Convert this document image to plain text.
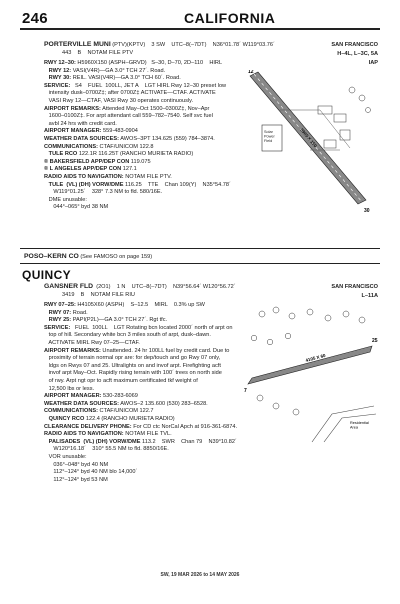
246	CALIFORNIA
PORTERVILLE MUNI (PTV)(KPTV)    3 SW    UTC–8(–7DT)    N36°01.78´ W119°03.76´
443    B    NOTAM FILE PTV
SAN FRANCISCO
H–4L, L–3C, 5A
IAP
RWY 12–30: H5960X150 (ASPH–GRVD)   S–30, D–70, 2D–110    HIRL
RWY 12: VASI(V4R)—GA 3.0° TCH 27´. Road.
RWY 30: REIL. VASI(V4R)—GA 3.0° TCH 60´. Road.
SERVICE:   S4    FUEL  100LL, JET A    LGT HIRL Rwy 12–30 preset low
intensity dusk–0700Z‡; after 0700Z‡ ACTIVATE—CTAF. ACTIVATE
VASI Rwy 12—CTAF, VASI Rwy 30 operates continuously.
AIRPORT REMARKS: Attended May–Oct 1500–0300Z‡, Nov–Apr
1600–0100Z‡. For arpt attendant call 559–782–7540. Self svc fuel
avbl 24 hrs with credit card.
AIRPORT MANAGER: 559-483-0904
WEATHER DATA SOURCES: AWOS–3PT 134.625 (559) 784–3874.
COMMUNICATIONS: CTAF/UNICOM 122.8
TULE RCO 122.1R 116.25T (RANCHO MURIETA RADIO)
® BAKERSFIELD APP/DEP CON 119.075
® L ANGELES APP/DEP CON 127.1
RADIO AIDS TO NAVIGATION: NOTAM FILE PTV.
TULE  (VL) (DH) VORW/DME 116.25    TTE    Chan 109(Y)    N35°54.78´
W119°01.25´    328° 7.3 NM to fld. 580/16E.
DME unusable:
044°–065° byd 38 NM
Solar Power Field	5960 X 150
12
30
POSO–KERN CO (See FAMOSO on page 159)
QUINCY
GANSNER FLD  (2O1)    1 N    UTC–8(–7DT)    N39°56.64´ W120°56.72´
3419    B    NOTAM FILE RIU
SAN FRANCISCO
L–11A
RWY 07–25: H4105X60 (ASPH)    S–12.5    MIRL    0.3% up SW
RWY 07: Road.
RWY 25: PAPI(P2L)—GA 3.0° TCH 27´. Rgt tfc.
SERVICE:   FUEL  100LL    LGT Rotating bcn located 2000´ north of arpt on
top of hill. Secondary white bcn 3 miles south of arpt, dusk–dawn.
ACTIVATE MIRL Rwy 07–25—CTAF.
AIRPORT REMARKS: Unattended. 24 hr 100LL fuel by credit card. Due to
proximity of terrain normal opr are: for dep/touch and go Rwy 07 only,
ldgs on Rwys 07 and 25. Ultralights on and invof arpt. Firefighting acft
invof arpt May–Oct. Rapidly rising terrain with 100´ trees on north side
of rwy. Arpt ngt opr to acft maximum certificated tkf weight of
12,500 lbs or less.
AIRPORT MANAGER: 530-283-6069
WEATHER DATA SOURCES: AWOS–2 135.600 (530) 283–6528.
COMMUNICATIONS: CTAF/UNICOM 122.7
QUINCY RCO 122.4 (RANCHO MURIETA RADIO)
CLEARANCE DELIVERY PHONE: For CD ctc NorCal Apch at 916-361-6874.
RADIO AIDS TO NAVIGATION: NOTAM FILE TVL.
PALISADES  (VL) (DH) VORW/DME 113.2    SWR    Chan 79    N39°10.82´
W120°16.18´    310° 55.5 NM to fld. 8850/16E.
VOR unusable:
036°–048° byd 40 NM
112°–124° byd 40 NM blo 14,000´
112°–124° byd 53 NM
4105 X 60
7
25
Residential Area
SW, 19 MAR 2026 to 14 MAY 2026
